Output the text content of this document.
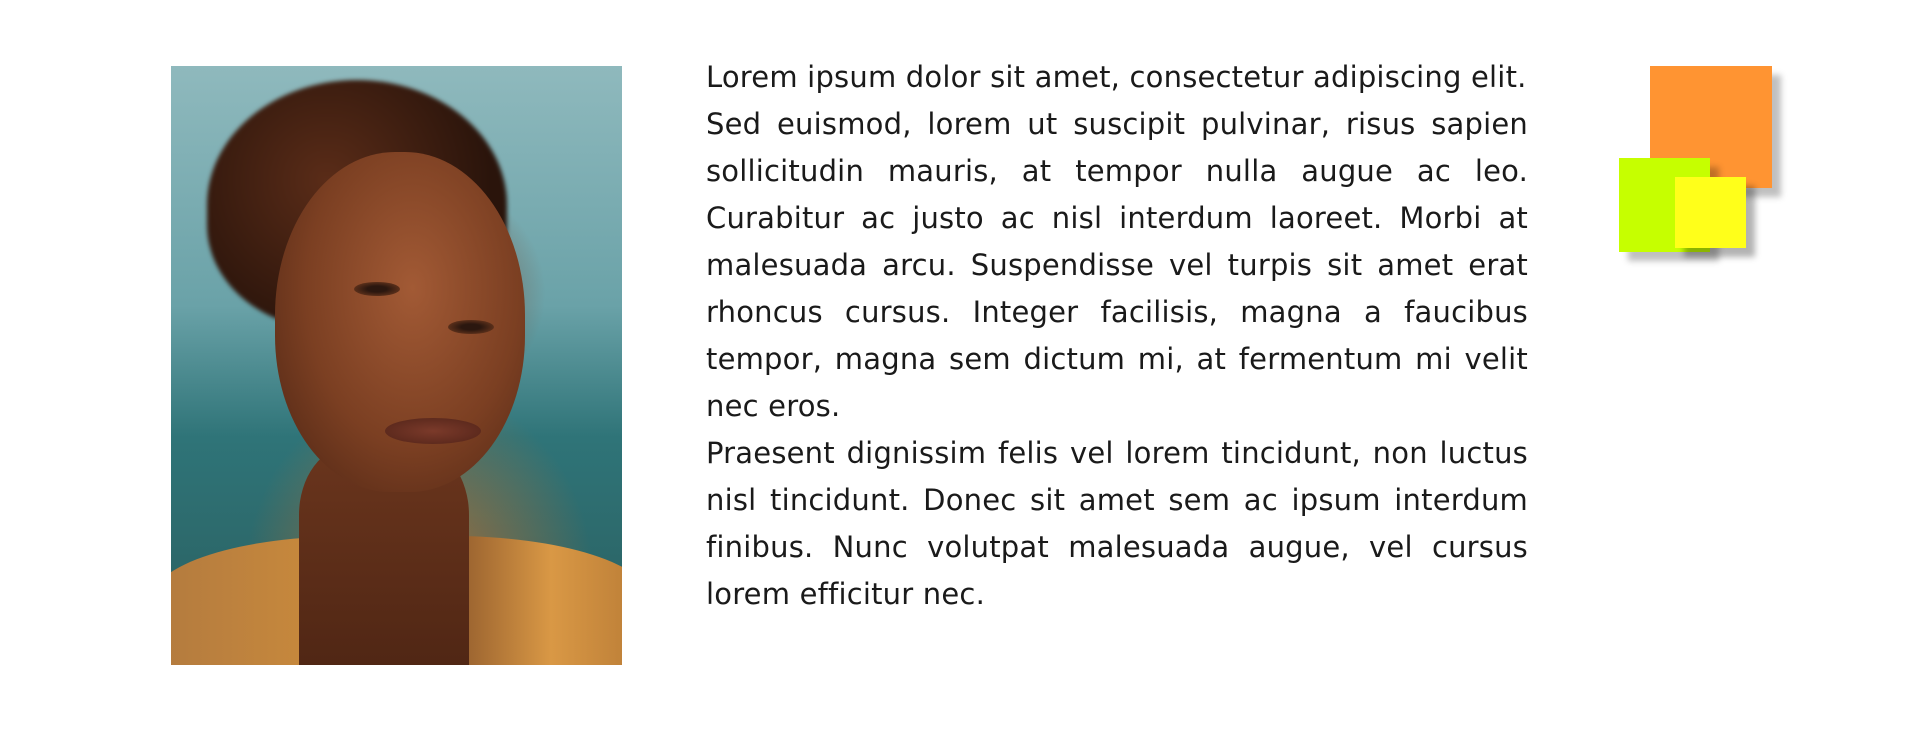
Lorem ipsum dolor sit amet, consectetur adipiscing elit.

Sed euismod, lorem ut suscipit pulvinar, risus sapien sollicitudin mauris, at tempor nulla augue ac leo. Curabitur ac justo ac nisl interdum laoreet. Morbi at malesuada arcu. Suspendisse vel turpis sit amet erat rhoncus cursus. Integer facilisis, magna a faucibus tempor, magna sem dictum mi, at fermentum mi velit nec eros.

Praesent dignissim felis vel lorem tincidunt, non luctus nisl tincidunt. Donec sit amet sem ac ipsum interdum finibus. Nunc volutpat malesuada augue, vel cursus lorem efficitur nec.
